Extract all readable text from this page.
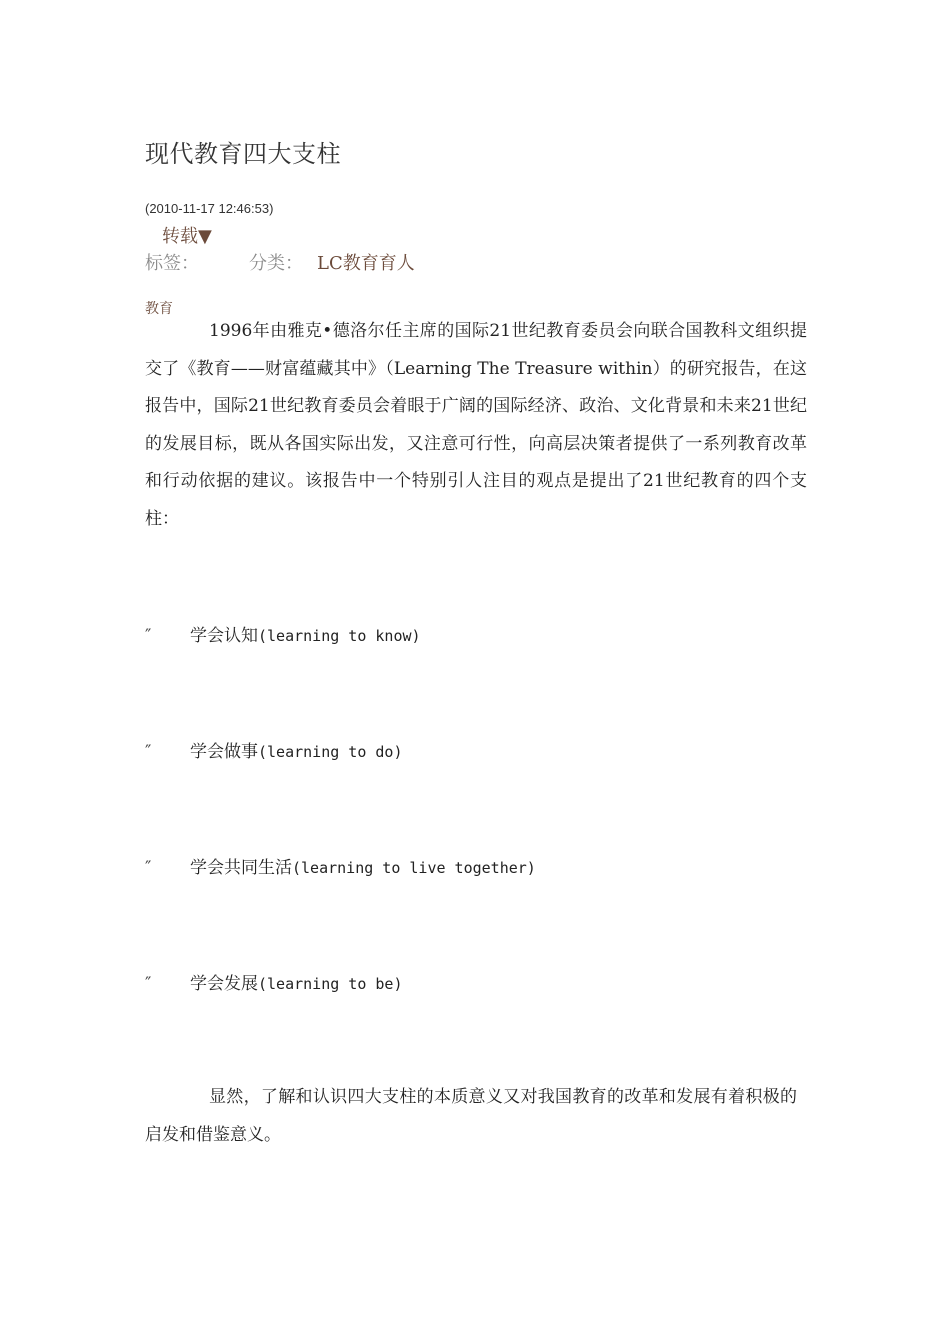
现代教育四大支柱
(2010-11-17 12:46:53)
转载▼
标签：	分类： LC教育育人
教育
1996年由雅克•德洛尔任主席的国际21世纪教育委员会向联合国教科文组织提交了《教育——财富蕴藏其中》（Learning The Treasure within）的研究报告，在这报告中，国际21世纪教育委员会着眼于广阔的国际经济、政治、文化背景和未来21世纪的发展目标，既从各国实际出发，又注意可行性，向高层决策者提供了一系列教育改革和行动依据的建议。该报告中一个特别引人注目的观点是提出了21世纪教育的四个支柱：
″ 学会认知(learning to know)
″ 学会做事(learning to do)
″ 学会共同生活(learning to live together)
″ 学会发展(learning to be)
显然，了解和认识四大支柱的本质意义又对我国教育的改革和发展有着积极的启发和借鉴意义。
